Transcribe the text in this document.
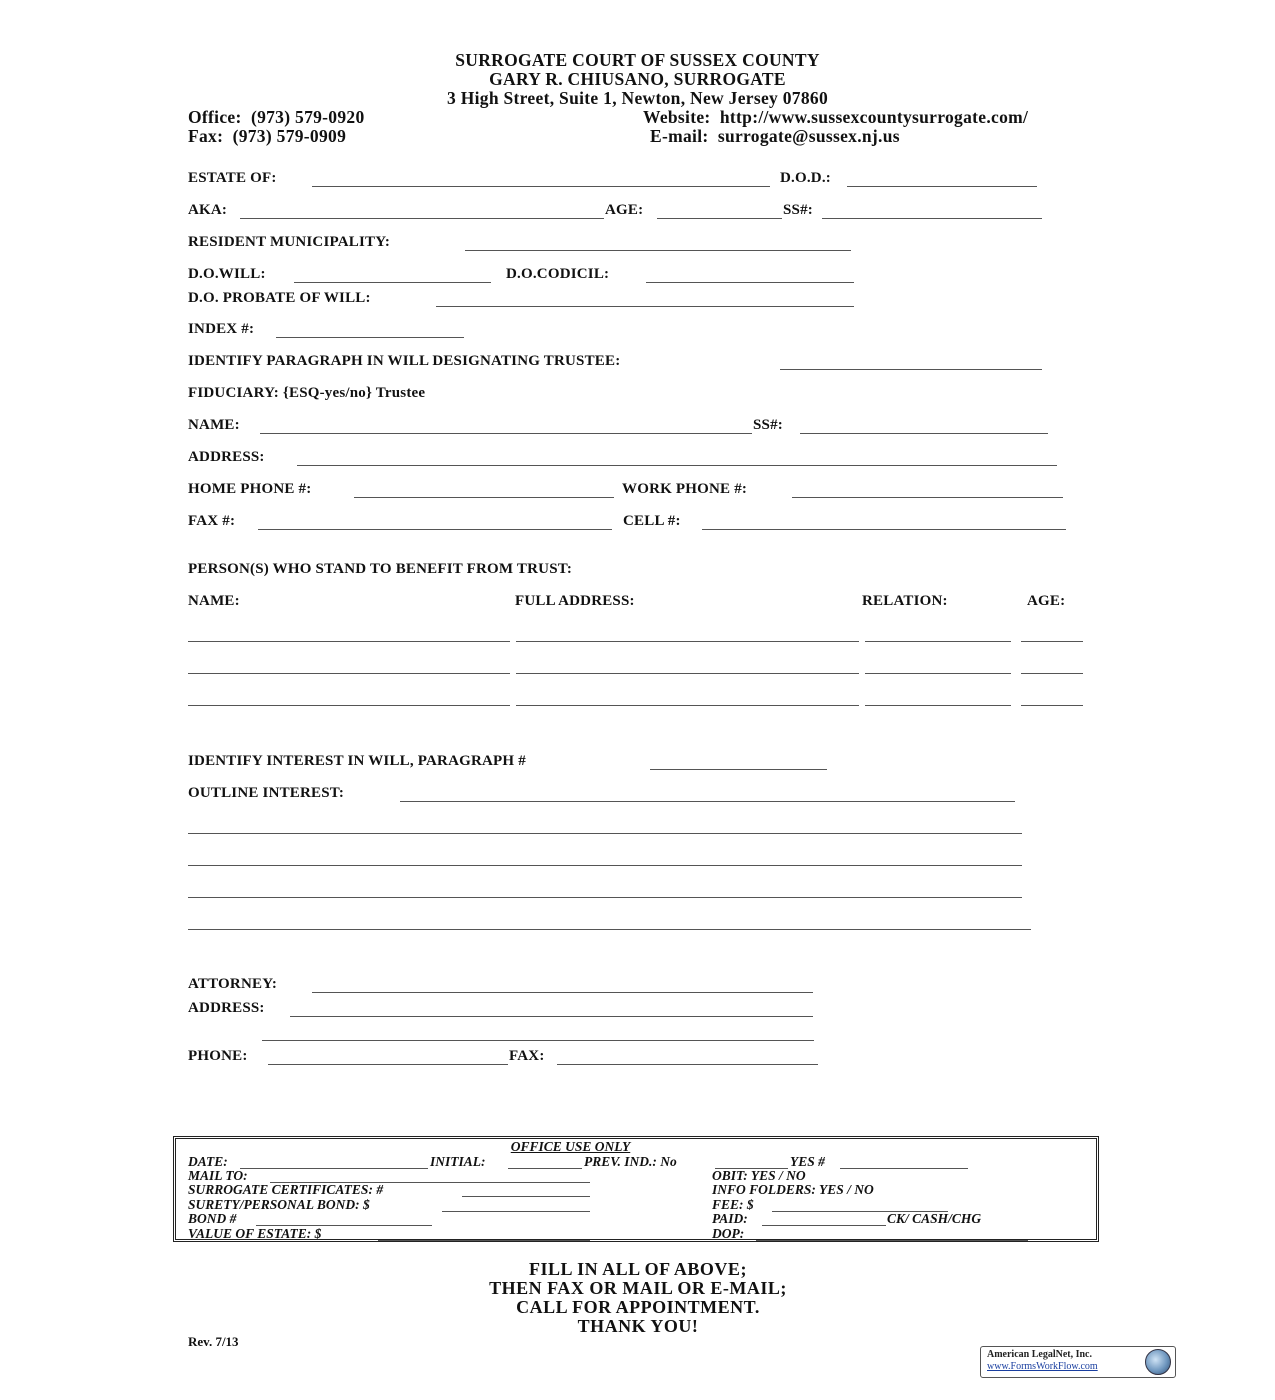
SURROGATE COURT OF SUSSEX COUNTY
GARY R. CHIUSANO, SURROGATE
3 High Street, Suite 1, Newton, New Jersey 07860
Office: (973) 579-0920
Fax: (973) 579-0909
Website: http://www.sussexcountysurrogate.com/
E-mail: surrogate@sussex.nj.us
ESTATE OF:	D.O.D.:
AKA:	AGE:	SS#:
RESIDENT MUNICIPALITY:
D.O.WILL:	D.O.CODICIL:
D.O. PROBATE OF WILL:
INDEX #:
IDENTIFY PARAGRAPH IN WILL DESIGNATING TRUSTEE:
FIDUCIARY: {ESQ-yes/no} Trustee
NAME:	SS#:
ADDRESS:
HOME PHONE #:	WORK PHONE #:
FAX #:	CELL #:
PERSON(S) WHO STAND TO BENEFIT FROM TRUST:
NAME:	FULL ADDRESS:	RELATION:	AGE:
IDENTIFY INTEREST IN WILL, PARAGRAPH #
OUTLINE INTEREST:
ATTORNEY:
ADDRESS:
PHONE:	FAX:
OFFICE USE ONLY
DATE:	INITIAL:	PREV. IND.: No	YES #
MAIL TO:	OBIT: YES / NO
SURROGATE CERTIFICATES: #	INFO FOLDERS: YES / NO
SURETY/PERSONAL BOND: $	FEE: $
BOND #	PAID:	CK/ CASH/CHG
VALUE OF ESTATE: $	DOP:
FILL IN ALL OF ABOVE;
THEN FAX OR MAIL OR E-MAIL;
CALL FOR APPOINTMENT.
THANK YOU!
Rev. 7/13
American LegalNet, Inc.
www.FormsWorkFlow.com
